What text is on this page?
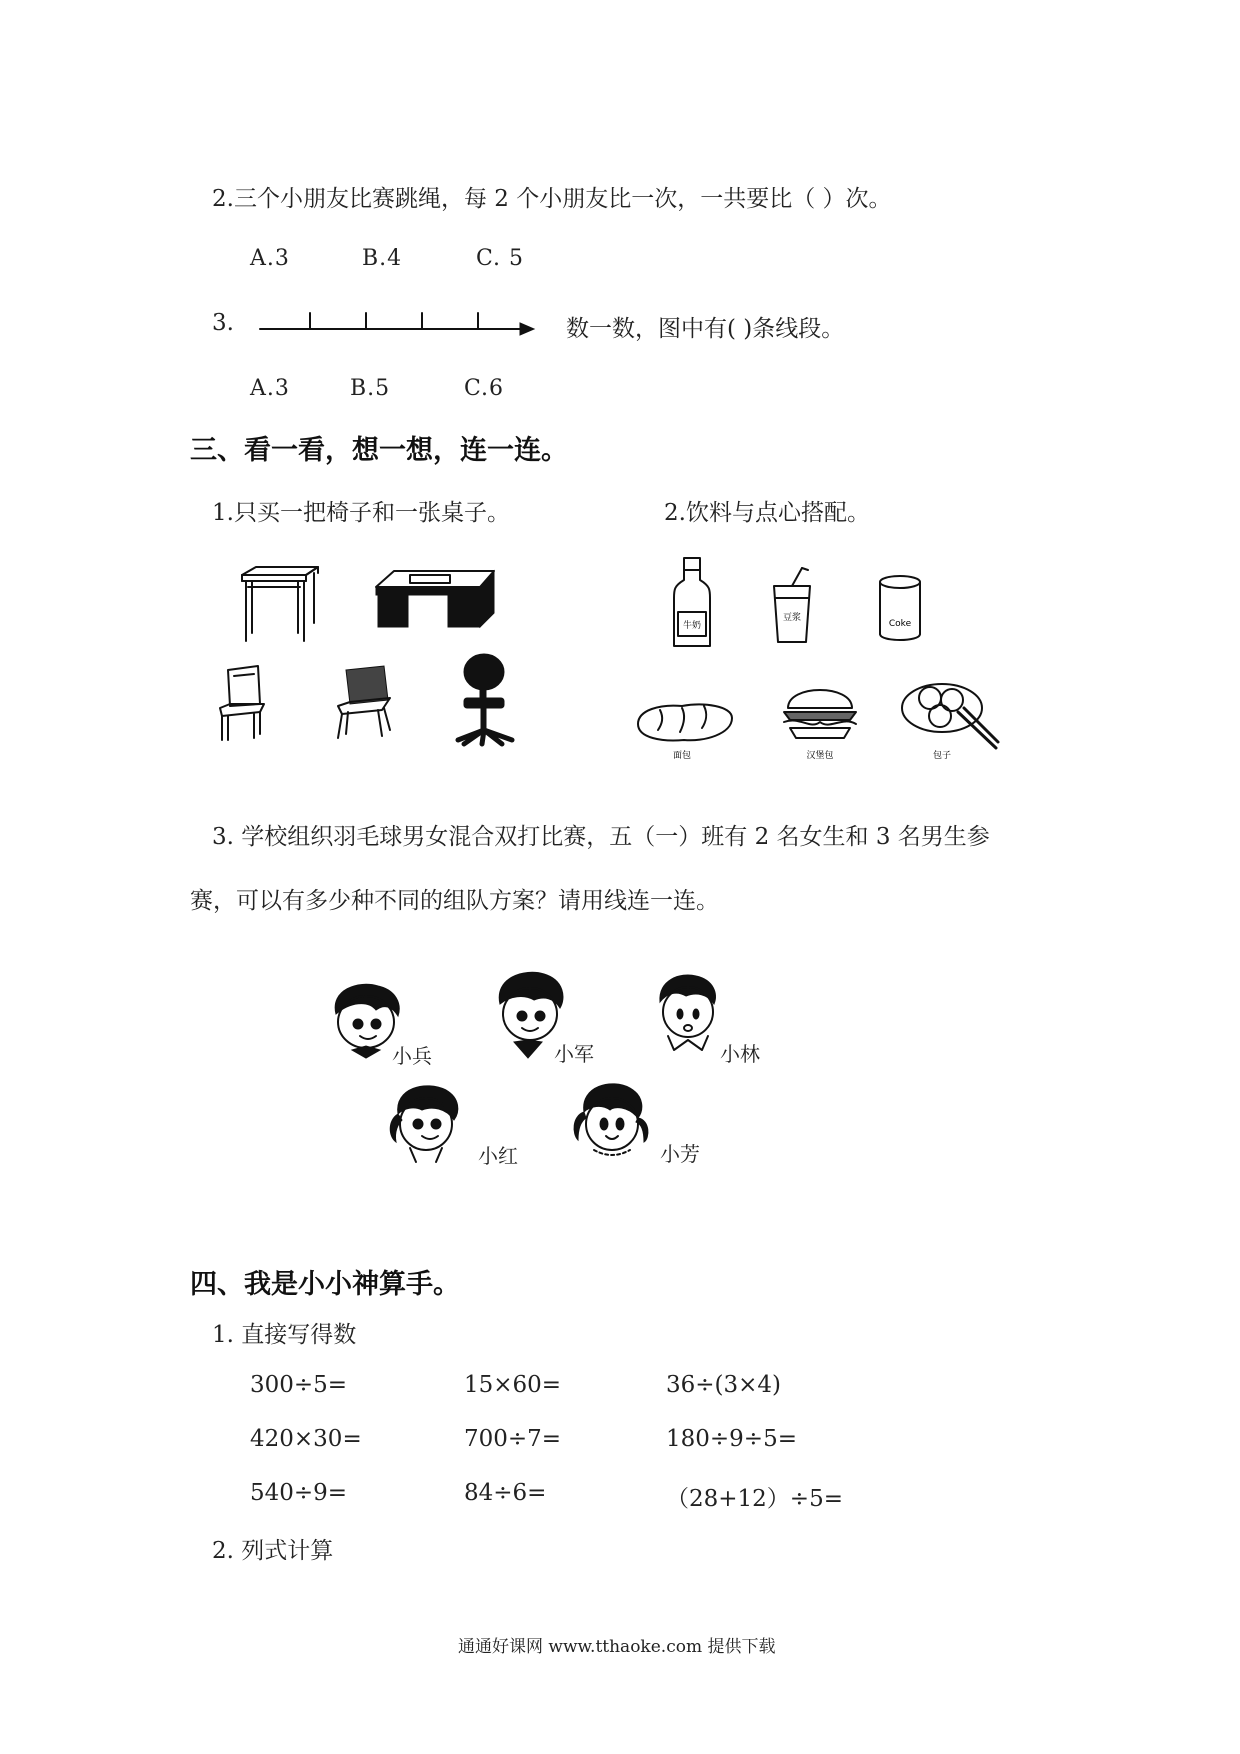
2.三个小朋友比赛跳绳，每 2 个小朋友比一次，一共要比（ ）次。
A.3	B.4	C. 5
3.	数一数，图中有( )条线段。
A.3	B.5	C.6
三、看一看，想一想，连一连。
1.只买一把椅子和一张桌子。	2.饮料与点心搭配。
牛奶
豆浆
Coke
面包	汉堡包	包子
3. 学校组织羽毛球男女混合双打比赛，五（一）班有 2 名女生和 3 名男生参
赛，可以有多少种不同的组队方案？请用线连一连。
小兵	小军	小林
小红	小芳
四、我是小小神算手。
1. 直接写得数
300÷5=	15×60=	36÷(3×4)
420×30=	700÷7=	180÷9÷5=
540÷9=	84÷6=	（28+12）÷5=
2. 列式计算
通通好课网 www.tthaoke.com 提供下载
